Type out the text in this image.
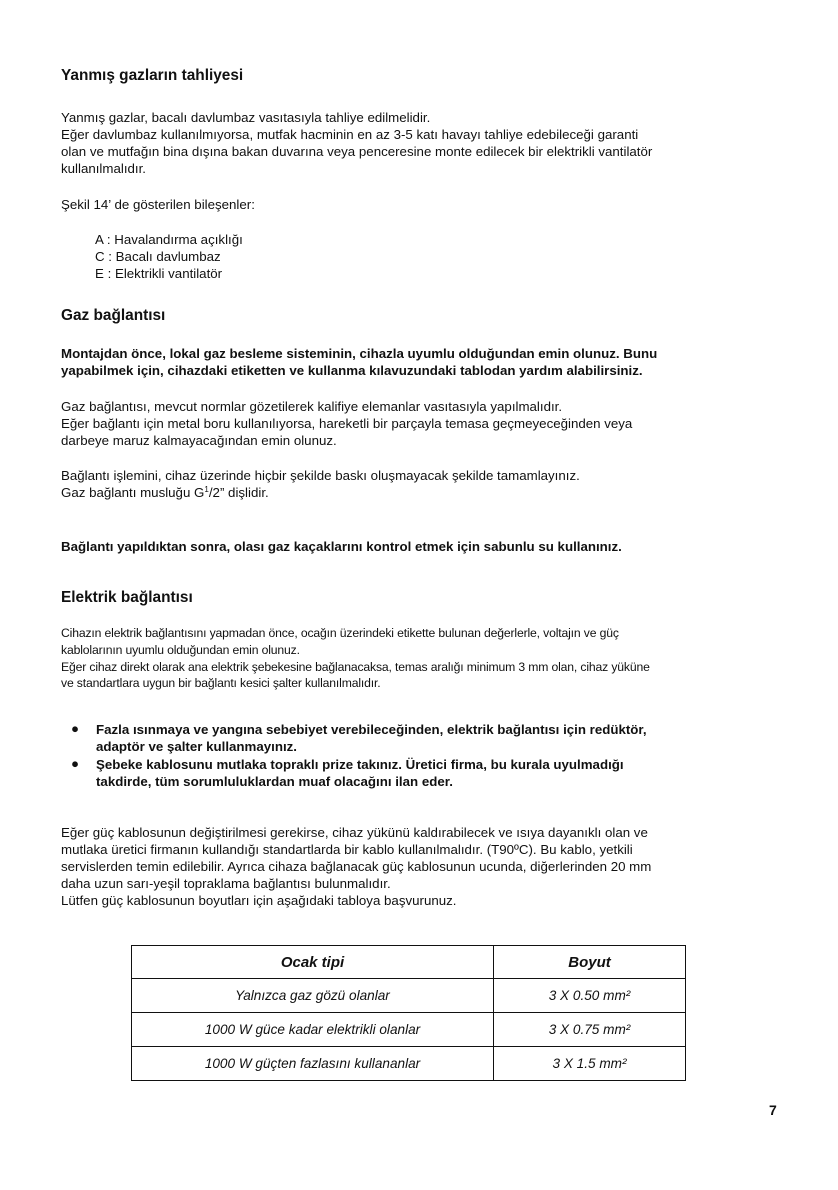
Yanmış gazların tahliyesi
Yanmış gazlar, bacalı davlumbaz vasıtasıyla tahliye edilmelidir.
Eğer davlumbaz kullanılmıyorsa, mutfak hacminin en az 3-5 katı havayı tahliye edebileceği garanti
olan ve mutfağın bina dışına bakan duvarına veya penceresine monte edilecek bir elektrikli vantilatör
kullanılmalıdır.
Şekil 14’ de gösterilen bileşenler:
A : Havalandırma açıklığı
C : Bacalı davlumbaz
E : Elektrikli vantilatör
Gaz bağlantısı
Montajdan önce, lokal gaz besleme sisteminin, cihazla uyumlu olduğundan emin olunuz. Bunu
yapabilmek için, cihazdaki etiketten ve kullanma kılavuzundaki tablodan yardım alabilirsiniz.
Gaz bağlantısı, mevcut normlar gözetilerek kalifiye elemanlar vasıtasıyla yapılmalıdır.
Eğer bağlantı için metal boru kullanılıyorsa, hareketli bir parçayla temasa geçmeyeceğinden veya
darbeye maruz kalmayacağından emin olunuz.
Bağlantı işlemini, cihaz üzerinde hiçbir şekilde baskı oluşmayacak şekilde tamamlayınız.
Gaz bağlantı musluğu $G^1/2$” dişlidir.
Bağlantı yapıldıktan sonra, olası gaz kaçaklarını kontrol etmek için sabunlu su kullanınız.
Elektrik bağlantısı
Cihazın elektrik bağlantısını yapmadan önce, ocağın üzerindeki etikette bulunan değerlerle, voltajın ve güç
kablolarının uyumlu olduğundan emin olunuz.
Eğer cihaz direkt olarak ana elektrik şebekesine bağlanacaksa, temas aralığı minimum 3 mm olan, cihaz yüküne
ve standartlara uygun bir bağlantı kesici şalter kullanılmalıdır.
● Fazla ısınmaya ve yangına sebebiyet verebileceğinden, elektrik bağlantısı için redüktör,
adaptör ve şalter kullanmayınız.
● Şebeke kablosunu mutlaka topraklı prize takınız. Üretici firma, bu kurala uyulmadığı
takdirde, tüm sorumluluklardan muaf olacağını ilan eder.
Eğer güç kablosunun değiştirilmesi gerekirse, cihaz yükünü kaldırabilecek ve ısıya dayanıklı olan ve
mutlaka üretici firmanın kullandığı standartlarda bir kablo kullanılmalıdır. (T90ºC). Bu kablo, yetkili
servislerden temin edilebilir. Ayrıca cihaza bağlanacak güç kablosunun ucunda, diğerlerinden 20 mm
daha uzun sarı-yeşil topraklama bağlantısı bulunmalıdır.
Lütfen güç kablosunun boyutları için aşağıdaki tabloya başvurunuz.
Ocak tipi	Boyut
Yalnızca gaz gözü olanlar	3 X 0.50 mm²
1000 W güce kadar elektrikli olanlar	3 X 0.75 mm²
1000 W güçten fazlasını kullananlar	3 X 1.5 mm²
7
